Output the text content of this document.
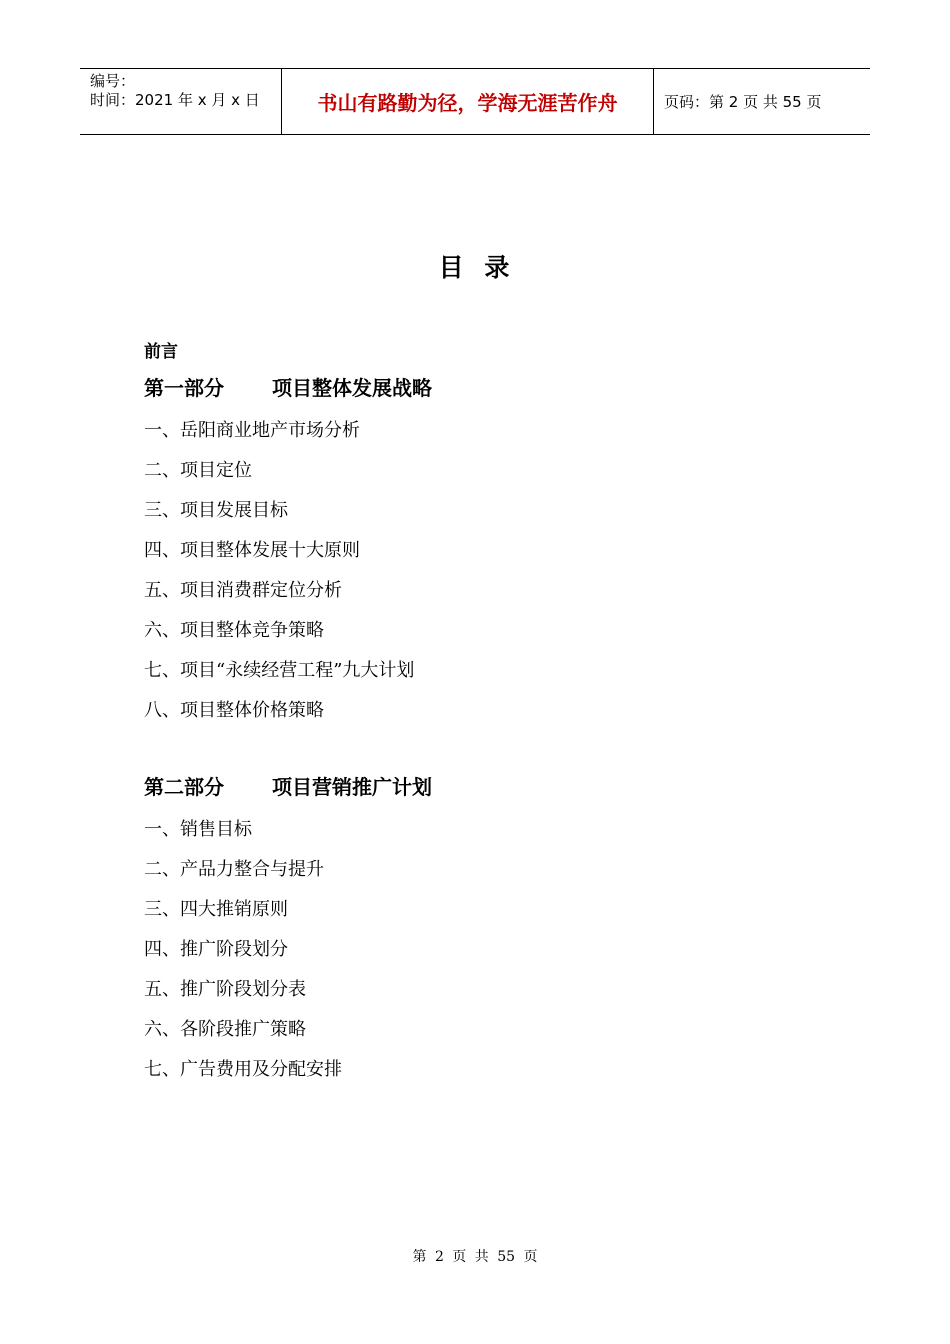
编号：
时间：2021 年 x 月 x 日	书山有路勤为径，学海无涯苦作舟	页码：第 2 页 共 55 页
目 录
前言
第一部分 项目整体发展战略
一、岳阳商业地产市场分析
二、项目定位
三、项目发展目标
四、项目整体发展十大原则
五、项目消费群定位分析
六、项目整体竞争策略
七、项目“永续经营工程”九大计划
八、项目整体价格策略
第二部分 项目营销推广计划
一、销售目标
二、产品力整合与提升
三、四大推销原则
四、推广阶段划分
五、推广阶段划分表
六、各阶段推广策略
七、广告费用及分配安排
第 2 页 共 55 页
